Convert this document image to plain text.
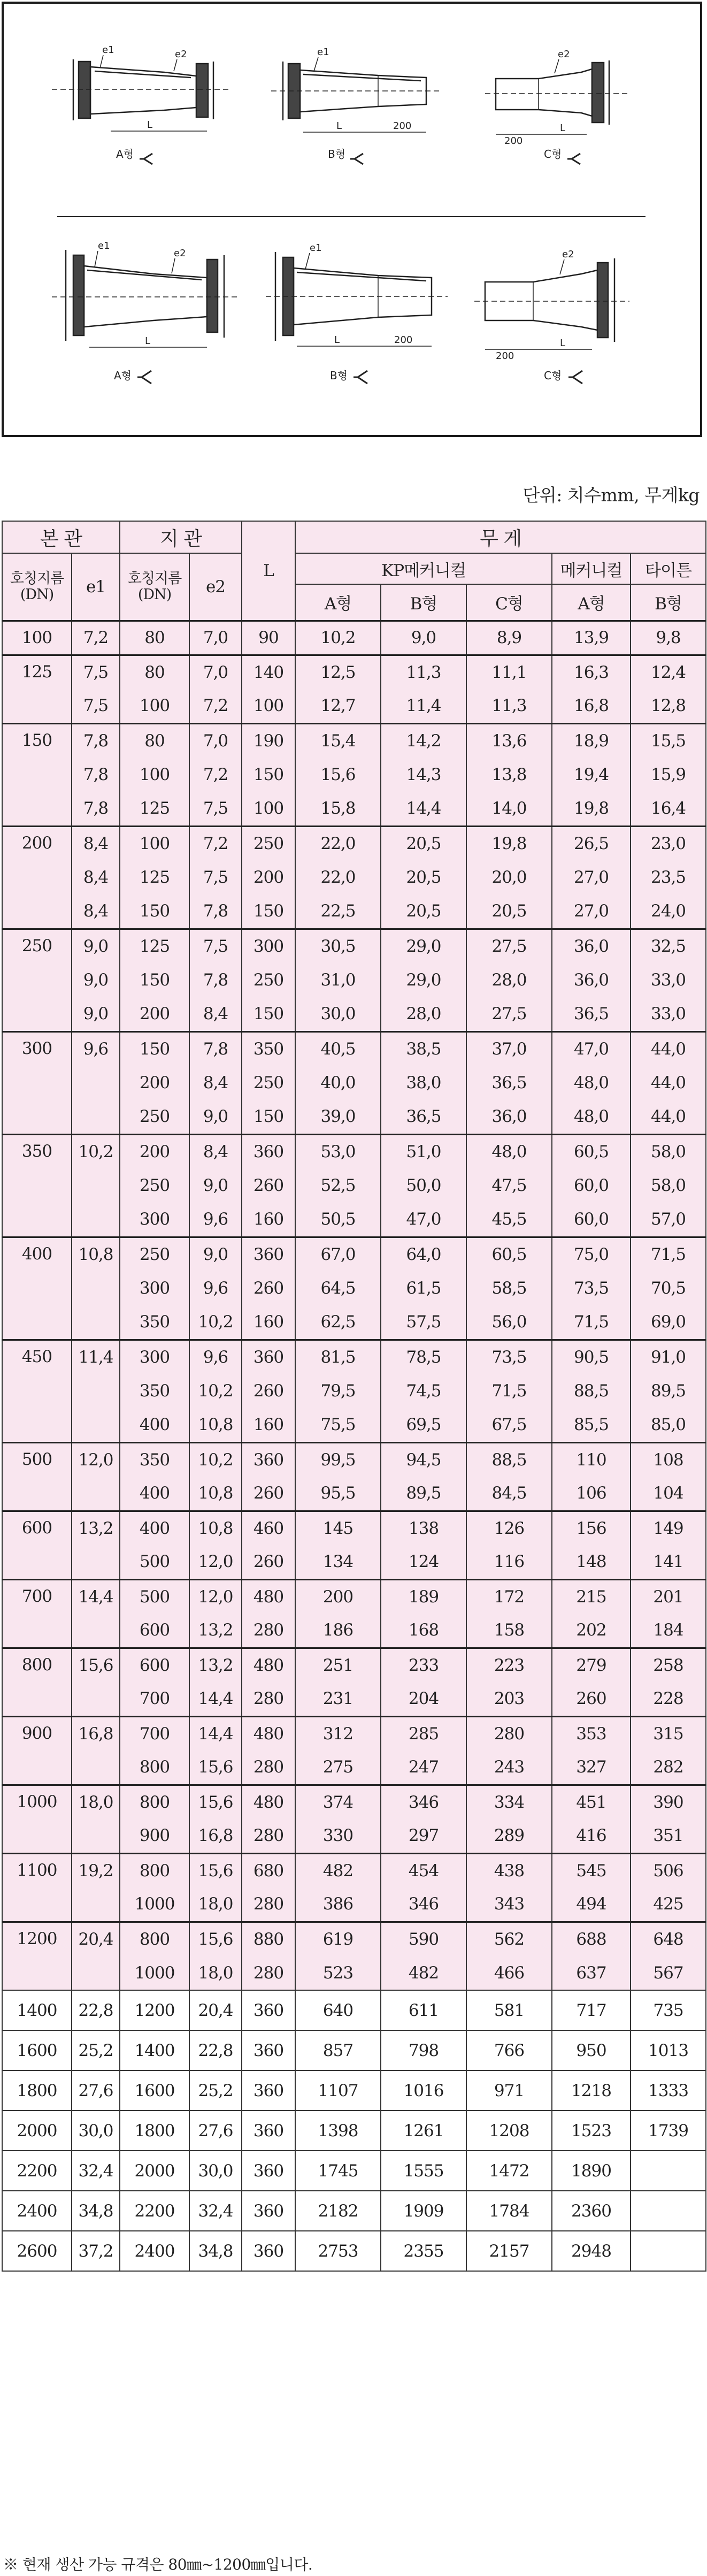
e1	e2
L
A형
e1
L	200
B형
e2
200
L
C형
e1
e2
L
A형
e1
L	200
B형
e2
200
L
C형
단위: 치수mm, 무게kg
본 관		지 관		L	무 게				
호칭지름 (DN)	e1	호칭지름 (DN)	e2		KP메커니컬			메커니컬	타이튼
					A형	B형	C형	A형	B형
100	7,2	80	7,0	90	10,2	9,0	8,9	13,9	9,8
125	7,5	80	7,0	140	12,5	11,3	11,1	16,3	12,4
	7,5	100	7,2	100	12,7	11,4	11,3	16,8	12,8
150	7,8	80	7,0	190	15,4	14,2	13,6	18,9	15,5
	7,8	100	7,2	150	15,6	14,3	13,8	19,4	15,9
	7,8	125	7,5	100	15,8	14,4	14,0	19,8	16,4
200	8,4	100	7,2	250	22,0	20,5	19,8	26,5	23,0
	8,4	125	7,5	200	22,0	20,5	20,0	27,0	23,5
	8,4	150	7,8	150	22,5	20,5	20,5	27,0	24,0
250	9,0	125	7,5	300	30,5	29,0	27,5	36,0	32,5
	9,0	150	7,8	250	31,0	29,0	28,0	36,0	33,0
	9,0	200	8,4	150	30,0	28,0	27,5	36,5	33,0
300	9,6	150	7,8	350	40,5	38,5	37,0	47,0	44,0
		200	8,4	250	40,0	38,0	36,5	48,0	44,0
		250	9,0	150	39,0	36,5	36,0	48,0	44,0
350	10,2	200	8,4	360	53,0	51,0	48,0	60,5	58,0
		250	9,0	260	52,5	50,0	47,5	60,0	58,0
		300	9,6	160	50,5	47,0	45,5	60,0	57,0
400	10,8	250	9,0	360	67,0	64,0	60,5	75,0	71,5
		300	9,6	260	64,5	61,5	58,5	73,5	70,5
		350	10,2	160	62,5	57,5	56,0	71,5	69,0
450	11,4	300	9,6	360	81,5	78,5	73,5	90,5	91,0
		350	10,2	260	79,5	74,5	71,5	88,5	89,5
		400	10,8	160	75,5	69,5	67,5	85,5	85,0
500	12,0	350	10,2	360	99,5	94,5	88,5	110	108
		400	10,8	260	95,5	89,5	84,5	106	104
600	13,2	400	10,8	460	145	138	126	156	149
		500	12,0	260	134	124	116	148	141
700	14,4	500	12,0	480	200	189	172	215	201
		600	13,2	280	186	168	158	202	184
800	15,6	600	13,2	480	251	233	223	279	258
		700	14,4	280	231	204	203	260	228
900	16,8	700	14,4	480	312	285	280	353	315
		800	15,6	280	275	247	243	327	282
1000	18,0	800	15,6	480	374	346	334	451	390
		900	16,8	280	330	297	289	416	351
1100	19,2	800	15,6	680	482	454	438	545	506
		1000	18,0	280	386	346	343	494	425
1200	20,4	800	15,6	880	619	590	562	688	648
		1000	18,0	280	523	482	466	637	567
1400	22,8	1200	20,4	360	640	611	581	717	735
1600	25,2	1400	22,8	360	857	798	766	950	1013
1800	27,6	1600	25,2	360	1107	1016	971	1218	1333
2000	30,0	1800	27,6	360	1398	1261	1208	1523	1739
2200	32,4	2000	30,0	360	1745	1555	1472	1890	
2400	34,8	2200	32,4	360	2182	1909	1784	2360	
2600	37,2	2400	34,8	360	2753	2355	2157	2948	
※ 현재 생산 가능 규격은 80㎜~1200㎜입니다.
